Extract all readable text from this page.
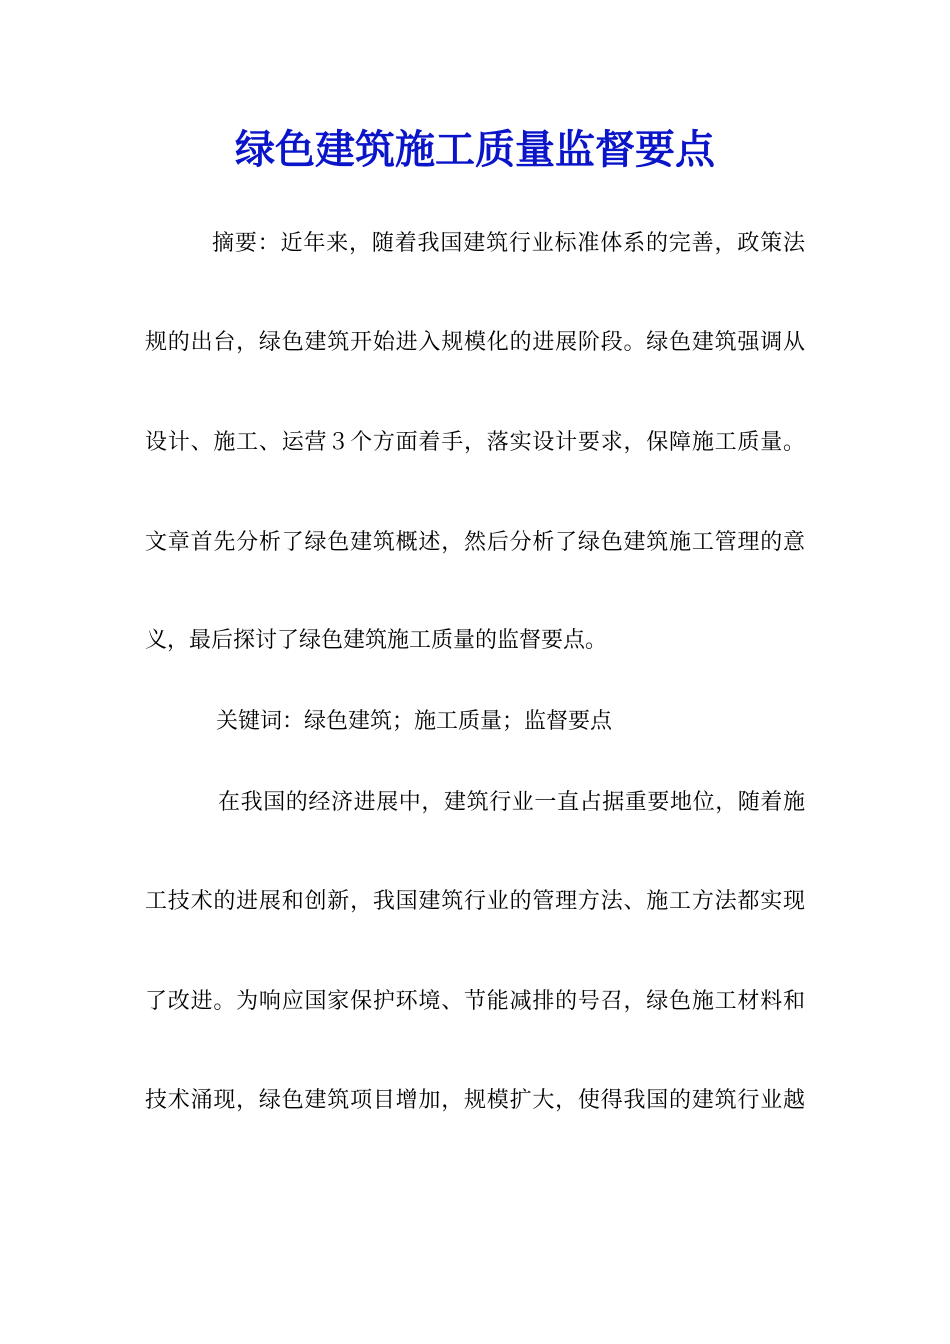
绿色建筑施工质量监督要点
摘要：近年来，随着我国建筑行业标准体系的完善，政策法
规的出台，绿色建筑开始进入规模化的进展阶段。绿色建筑强调从
设计、施工、运营３个方面着手，落实设计要求，保障施工质量。
文章首先分析了绿色建筑概述，然后分析了绿色建筑施工管理的意
义，最后探讨了绿色建筑施工质量的监督要点。
关键词：绿色建筑；施工质量；监督要点
在我国的经济进展中，建筑行业一直占据重要地位，随着施
工技术的进展和创新，我国建筑行业的管理方法、施工方法都实现
了改进。为响应国家保护环境、节能减排的号召，绿色施工材料和
技术涌现，绿色建筑项目增加，规模扩大，使得我国的建筑行业越
